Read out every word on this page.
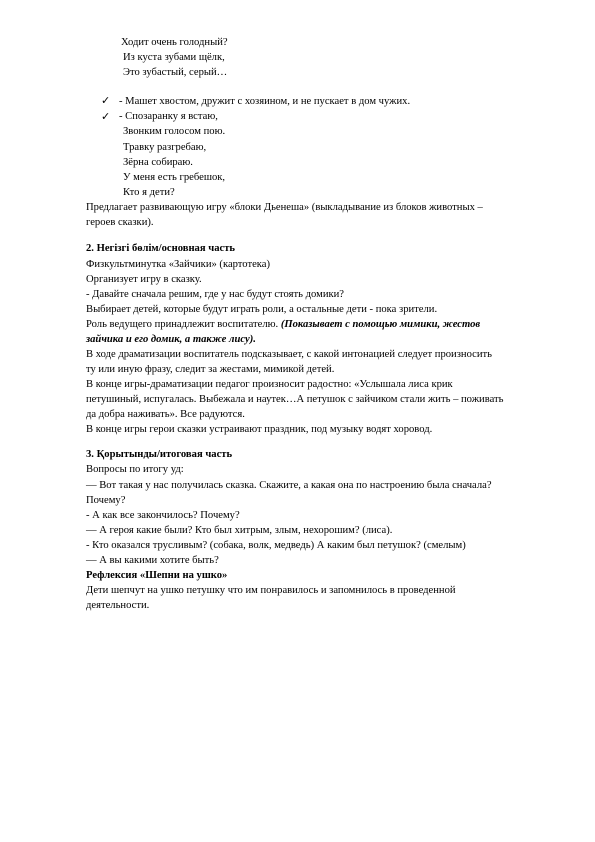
Ходит очень голодный?
Из куста зубами щёлк,
Это зубастый, серый…
✓ - Машет хвостом, дружит с хозяином, и не пускает в дом чужих.
✓ - Спозаранку я встаю,
Звонким голосом пою.
Травку разгребаю,
Зёрна собираю.
У меня есть гребешок,
Кто я дети?
Предлагает развивающую игру «блоки Дьенеша» (выкладывание из блоков животных –
героев сказки).
2. Негізгі бөлім/основная часть
Физкультминутка «Зайчики» (картотека)
Организует игру в сказку.
- Давайте сначала решим, где у нас будут стоять домики?
Выбирает детей, которые будут играть роли, а остальные дети - пока зрители.
Роль ведущего принадлежит воспитателю. (Показывает с помощью мимики, жестов
зайчика и его домик, а также лису).
В ходе драматизации воспитатель подсказывает, с какой интонацией следует произносить
ту или иную фразу, следит за жестами, мимикой детей.
В конце игры-драматизации педагог произносит радостно: «Услышала лиса крик
петушиный, испугалась. Выбежала и наутек…А петушок с зайчиком стали жить – поживать
да добра наживать». Все радуются.
В конце игры герои сказки устраивают праздник, под музыку водят хоровод.
3. Қорытынды/итоговая часть
Вопросы по итогу уд:
— Вот такая у нас получилась сказка. Скажите, а какая она по настроению была сначала?
Почему?
- А как все закончилось? Почему?
— А героя какие были? Кто был хитрым, злым, нехорошим? (лиса).
- Кто оказался трусливым? (собака, волк, медведь) А каким был петушок? (смелым)
— А вы какими хотите быть?
Рефлексия «Шепни на ушко»
Дети шепчут на ушко петушку что им понравилось и запомнилось в проведенной
деятельности.
